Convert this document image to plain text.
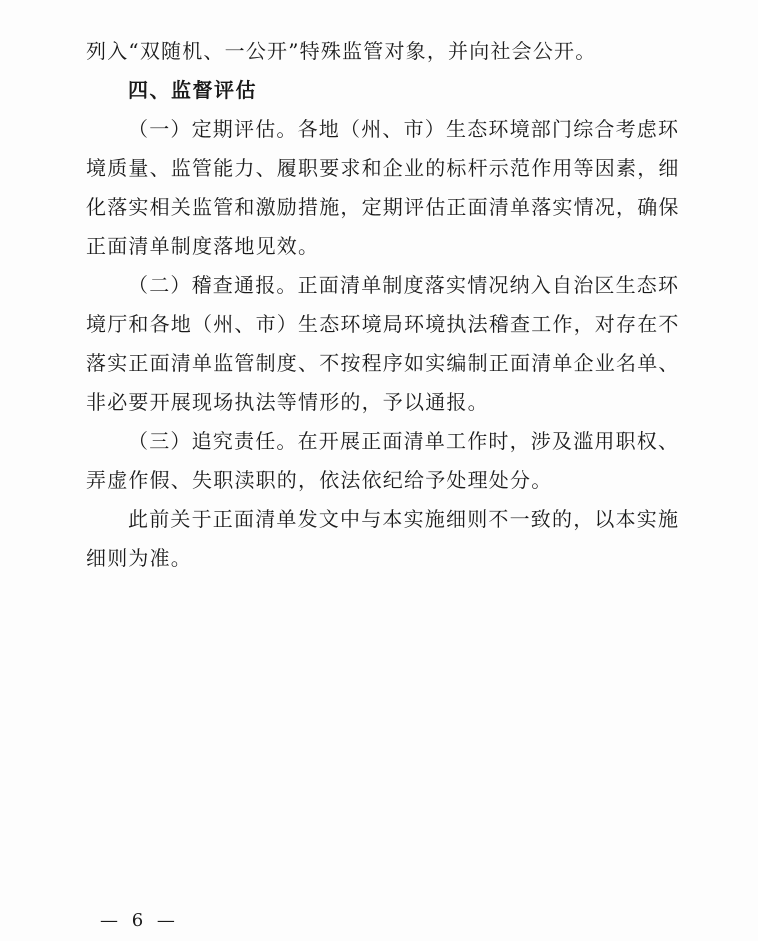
列入“双随机、一公开”特殊监管对象，并向社会公开。
四、监督评估
（一）定期评估。各地（州、市）生态环境部门综合考虑环
境质量、监管能力、履职要求和企业的标杆示范作用等因素，细
化落实相关监管和激励措施，定期评估正面清单落实情况，确保
正面清单制度落地见效。
（二）稽查通报。正面清单制度落实情况纳入自治区生态环
境厅和各地（州、市）生态环境局环境执法稽查工作，对存在不
落实正面清单监管制度、不按程序如实编制正面清单企业名单、
非必要开展现场执法等情形的，予以通报。
（三）追究责任。在开展正面清单工作时，涉及滥用职权、
弄虚作假、失职渎职的，依法依纪给予处理处分。
此前关于正面清单发文中与本实施细则不一致的，以本实施
细则为准。
— 6 —
